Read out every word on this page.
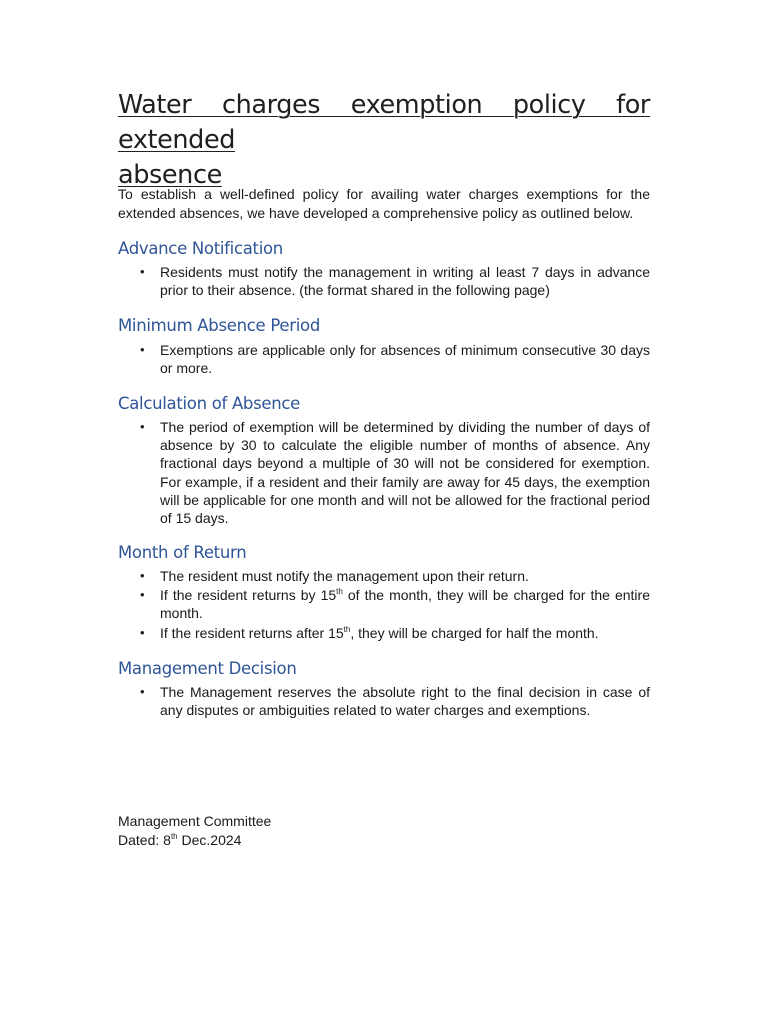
Water charges exemption policy for extended
absence

To establish a well-defined policy for availing water charges exemptions for the extended absences, we have developed a comprehensive policy as outlined below.

Advance Notification
• Residents must notify the management in writing al least 7 days in advance prior to their absence. (the format shared in the following page)
Minimum Absence Period
• Exemptions are applicable only for absences of minimum consecutive 30 days or more.
Calculation of Absence
• The period of exemption will be determined by dividing the number of days of absence by 30 to calculate the eligible number of months of absence. Any fractional days beyond a multiple of 30 will not be considered for exemption. For example, if a resident and their family are away for 45 days, the exemption will be applicable for one month and will not be allowed for the fractional period of 15 days.
Month of Return
• The resident must notify the management upon their return.
• If the resident returns by 15th of the month, they will be charged for the entire month.
• If the resident returns after 15th, they will be charged for half the month.
Management Decision
• The Management reserves the absolute right to the final decision in case of any disputes or ambiguities related to water charges and exemptions.

Management Committee

Dated: 8th Dec.2024
